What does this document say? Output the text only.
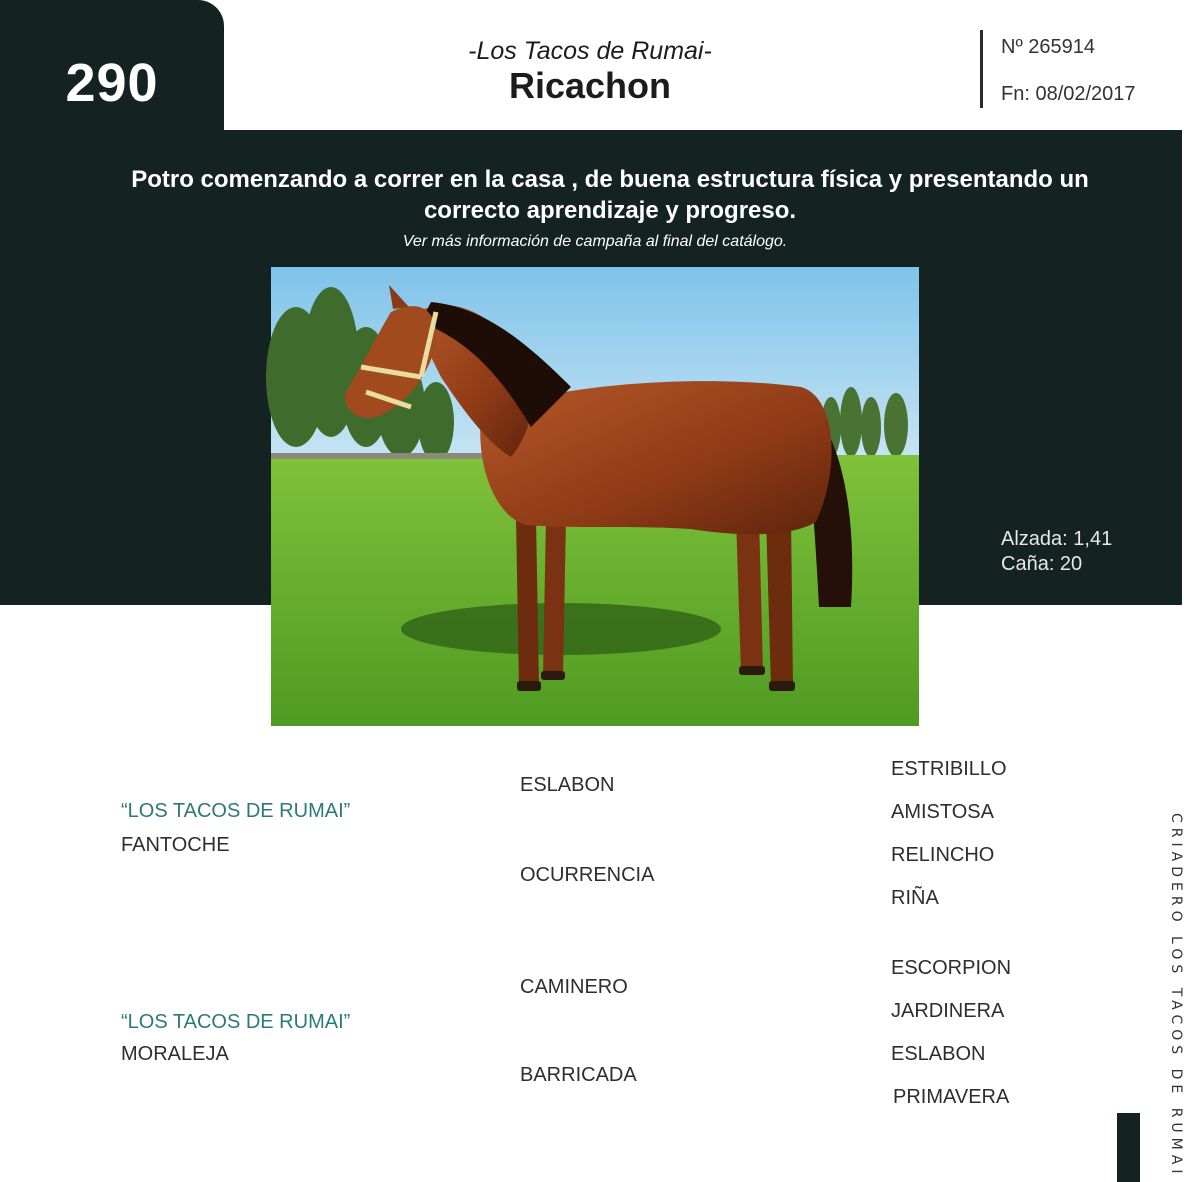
290
-Los Tacos de Rumai-
Ricachon
Nº 265914
Fn: 08/02/2017
Potro comenzando a correr en la casa , de buena estructura física y presentando un correcto aprendizaje y progreso.
Ver más información de campaña al final del catálogo.
Alzada: 1,41
Caña: 20
“LOS TACOS DE RUMAI”
FANTOCHE
“LOS TACOS DE RUMAI”
MORALEJA
ESLABON
OCURRENCIA
CAMINERO
BARRICADA
ESTRIBILLO
AMISTOSA
RELINCHO
RIÑA
ESCORPION
JARDINERA
ESLABON
PRIMAVERA	CRIADERO LOS TACOS DE RUMAI
